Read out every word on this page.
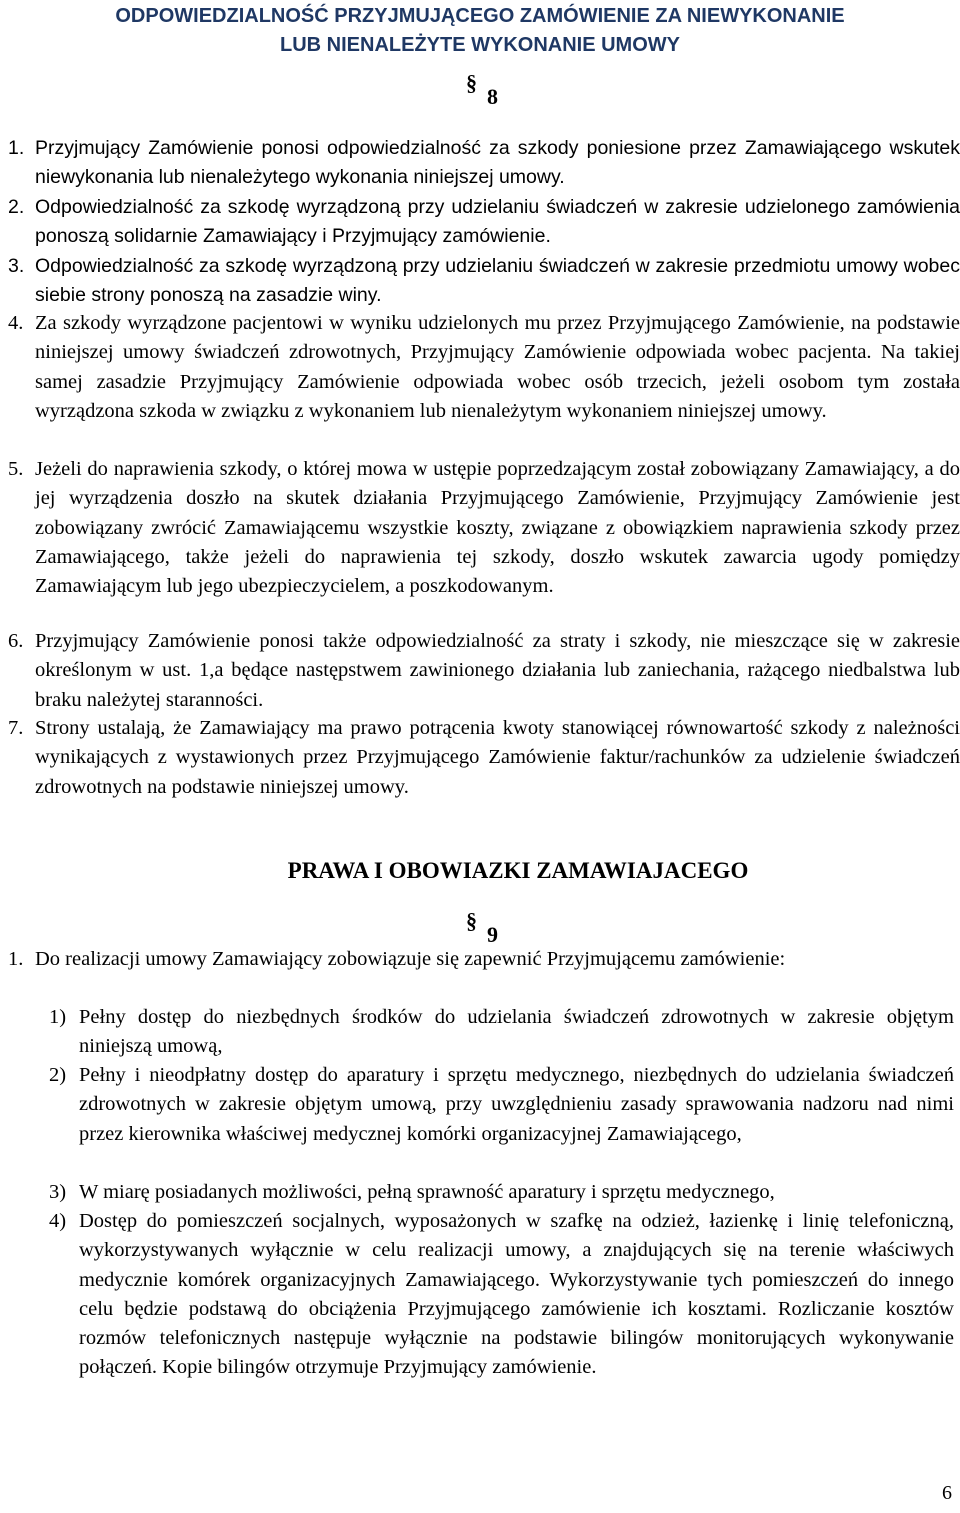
ODPOWIEDZIALNOŚĆ PRZYJMUJĄCEGO ZAMÓWIENIE ZA NIEWYKONANIE
LUB NIENALEŻYTE WYKONANIE UMOWY
§
8
1. Przyjmujący Zamówienie ponosi odpowiedzialność za szkody poniesione przez Zamawiającego wskutek niewykonania lub nienależytego wykonania niniejszej umowy.
2. Odpowiedzialność za szkodę wyrządzoną przy udzielaniu świadczeń w zakresie udzielonego zamówienia ponoszą solidarnie Zamawiający i Przyjmujący zamówienie.
3. Odpowiedzialność za szkodę wyrządzoną przy udzielaniu świadczeń w zakresie przedmiotu umowy wobec siebie strony ponoszą na zasadzie winy.
4. Za szkody wyrządzone pacjentowi w wyniku udzielonych mu przez Przyjmującego Zamówienie, na podstawie niniejszej umowy świadczeń zdrowotnych, Przyjmujący Zamówienie odpowiada wobec pacjenta. Na takiej samej zasadzie Przyjmujący Zamówienie odpowiada wobec osób trzecich, jeżeli osobom tym została wyrządzona szkoda w związku z wykonaniem lub nienależytym wykonaniem niniejszej umowy.
5. Jeżeli do naprawienia szkody, o której mowa w ustępie poprzedzającym został zobowiązany Zamawiający, a do jej wyrządzenia doszło na skutek działania Przyjmującego Zamówienie, Przyjmujący Zamówienie jest zobowiązany zwrócić Zamawiającemu wszystkie koszty, związane z obowiązkiem naprawienia szkody przez Zamawiającego, także jeżeli do naprawienia tej szkody, doszło wskutek zawarcia ugody pomiędzy Zamawiającym lub jego ubezpieczycielem, a poszkodowanym.
6. Przyjmujący Zamówienie ponosi także odpowiedzialność za straty i szkody, nie mieszczące się w zakresie określonym w ust. 1,a będące następstwem zawinionego działania lub zaniechania, rażącego niedbalstwa lub braku należytej staranności.
7. Strony ustalają, że Zamawiający ma prawo potrącenia kwoty stanowiącej równowartość szkody z należności wynikających z wystawionych przez Przyjmującego Zamówienie faktur/rachunków za udzielenie świadczeń zdrowotnych na podstawie niniejszej umowy.
PRAWA I OBOWIAZKI ZAMAWIAJACEGO
§
9
1. Do realizacji umowy Zamawiający zobowiązuje się zapewnić Przyjmującemu zamówienie:
1) Pełny dostęp do niezbędnych środków do udzielania świadczeń zdrowotnych w zakresie objętym niniejszą umową,
2) Pełny i nieodpłatny dostęp do aparatury i sprzętu medycznego, niezbędnych do udzielania świadczeń zdrowotnych w zakresie objętym umową, przy uwzględnieniu zasady sprawowania nadzoru nad nimi przez kierownika właściwej medycznej komórki organizacyjnej Zamawiającego,
3) W miarę posiadanych możliwości, pełną sprawność aparatury i sprzętu medycznego,
4) Dostęp do pomieszczeń socjalnych, wyposażonych w szafkę na odzież, łazienkę i linię telefoniczną, wykorzystywanych wyłącznie w celu realizacji umowy, a znajdujących się na terenie właściwych medycznie komórek organizacyjnych Zamawiającego. Wykorzystywanie tych pomieszczeń do innego celu będzie podstawą do obciążenia Przyjmującego zamówienie ich kosztami. Rozliczanie kosztów rozmów telefonicznych następuje wyłącznie na podstawie bilingów monitorujących wykonywanie połączeń. Kopie bilingów otrzymuje Przyjmujący zamówienie.
6
